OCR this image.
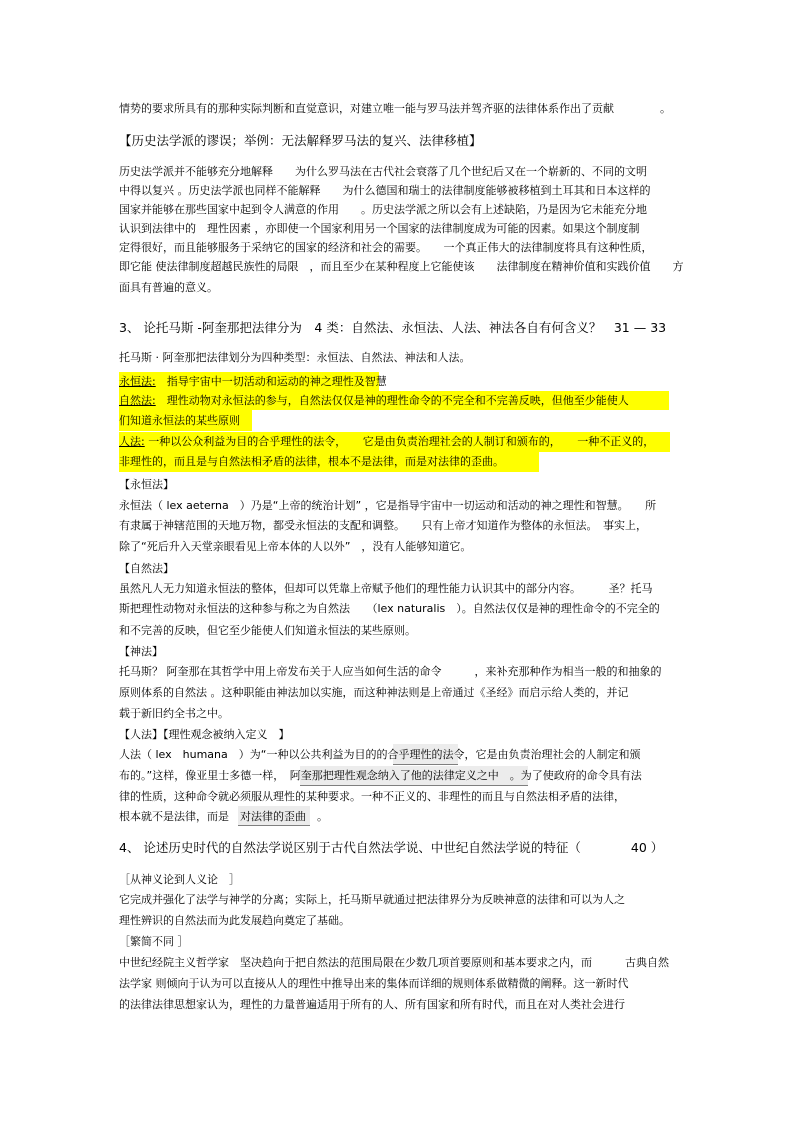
情势的要求所具有的那种实际判断和直觉意识，对建立唯一能与罗马法并驾齐驱的法律体系作出了贡献	。
【历史法学派的谬误；举例：无法解释罗马法的复兴、法律移植】
历史法学派并不能够充分地解释　　为什么罗马法在古代社会衰落了几个世纪后又在一个崭新的、不同的文明
中得以复兴 。历史法学派也同样不能解释　　为什么德国和瑞士的法律制度能够被移植到土耳其和日本这样的
国家并能够在那些国家中起到令人满意的作用　　。历史法学派之所以会有上述缺陷，乃是因为它未能充分地
认识到法律中的　理性因素 ，亦即使一个国家利用另一个国家的法律制度成为可能的因素。如果这个制度制
定得很好，而且能够服务于采纳它的国家的经济和社会的需要。　　一个真正伟大的法律制度将具有这种性质，
即它能 使法律制度超越民族性的局限　，而且至少在某种程度上它能使该　　法律制度在精神价值和实践价值　　方
面具有普遍的意义。
3、 论托马斯 -阿奎那把法律分为　4 类：自然法、永恒法、人法、神法各自有何含义？　31 — 33
托马斯 · 阿奎那把法律划分为四种类型：永恒法、自然法、神法和人法。
永恒法:　指导宇宙中一切活动和运动的神之理性及智慧
自然法:　理性动物对永恒法的参与，自然法仅仅是神的理性命令的不完全和不完善反映，但他至少能使人
们知道永恒法的某些原则
人法: 一种以公众利益为目的合乎理性的法令，　　它是由负责治理社会的人制订和颁布的，　　一种不正义的，
非理性的，而且是与自然法相矛盾的法律，根本不是法律，而是对法律的歪曲。
【永恒法】
永恒法（ lex aeterna　）乃是“上帝的统治计划” ，它是指导宇宙中一切运动和活动的神之理性和智慧。　　所
有隶属于神辖范围的天地万物，都受永恒法的支配和调整。　　只有上帝才知道作为整体的永恒法。　事实上，
除了“死后升入天堂亲眼看见上帝本体的人以外”　，没有人能够知道它。
【自然法】
虽然凡人无力知道永恒法的整体，但却可以凭靠上帝赋予他们的理性能力认识其中的部分内容。　　　圣？托马
斯把理性动物对永恒法的这种参与称之为自然法　　（lex naturalis　）。自然法仅仅是神的理性命令的不完全的
和不完善的反映，但它至少能使人们知道永恒法的某些原则。
【神法】
托马斯？ 阿奎那在其哲学中用上帝发布关于人应当如何生活的命令　　　，来补充那种作为相当一般的和抽象的
原则体系的自然法 。这种职能由神法加以实施，而这种神法则是上帝通过《圣经》而启示给人类的，并记
载于新旧约全书之中。
【人法】【理性观念被纳入定义　】
人法（ lex　humana　）为“一种以公共利益为目的的合乎理性的法令，它是由负责治理社会的人制定和颁
布的。”这样，像亚里士多德一样，　阿奎那把理性观念纳入了他的法律定义之中　。为了使政府的命令具有法
律的性质，这种命令就必须服从理性的某种要求。一种不正义的、非理性的而且与自然法相矛盾的法律，
根本就不是法律，而是　对法律的歪曲　。
4、 论述历史时代的自然法学说区别于古代自然法学说、中世纪自然法学说的特征（　　　　40 ）
［从神义论到人义论　］
它完成并强化了法学与神学的分离；实际上，托马斯早就通过把法律界分为反映神意的法律和可以为人之
理性辨识的自然法而为此发展趋向奠定了基础。
［繁简不同 ］
中世纪经院主义哲学家　坚决趋向于把自然法的范围局限在少数几项首要原则和基本要求之内，而　　　古典自然
法学家 则倾向于认为可以直接从人的理性中推导出来的集体而详细的规则体系做精微的阐释。这一新时代
的法律法律思想家认为，理性的力量普遍适用于所有的人、所有国家和所有时代，而且在对人类社会进行
